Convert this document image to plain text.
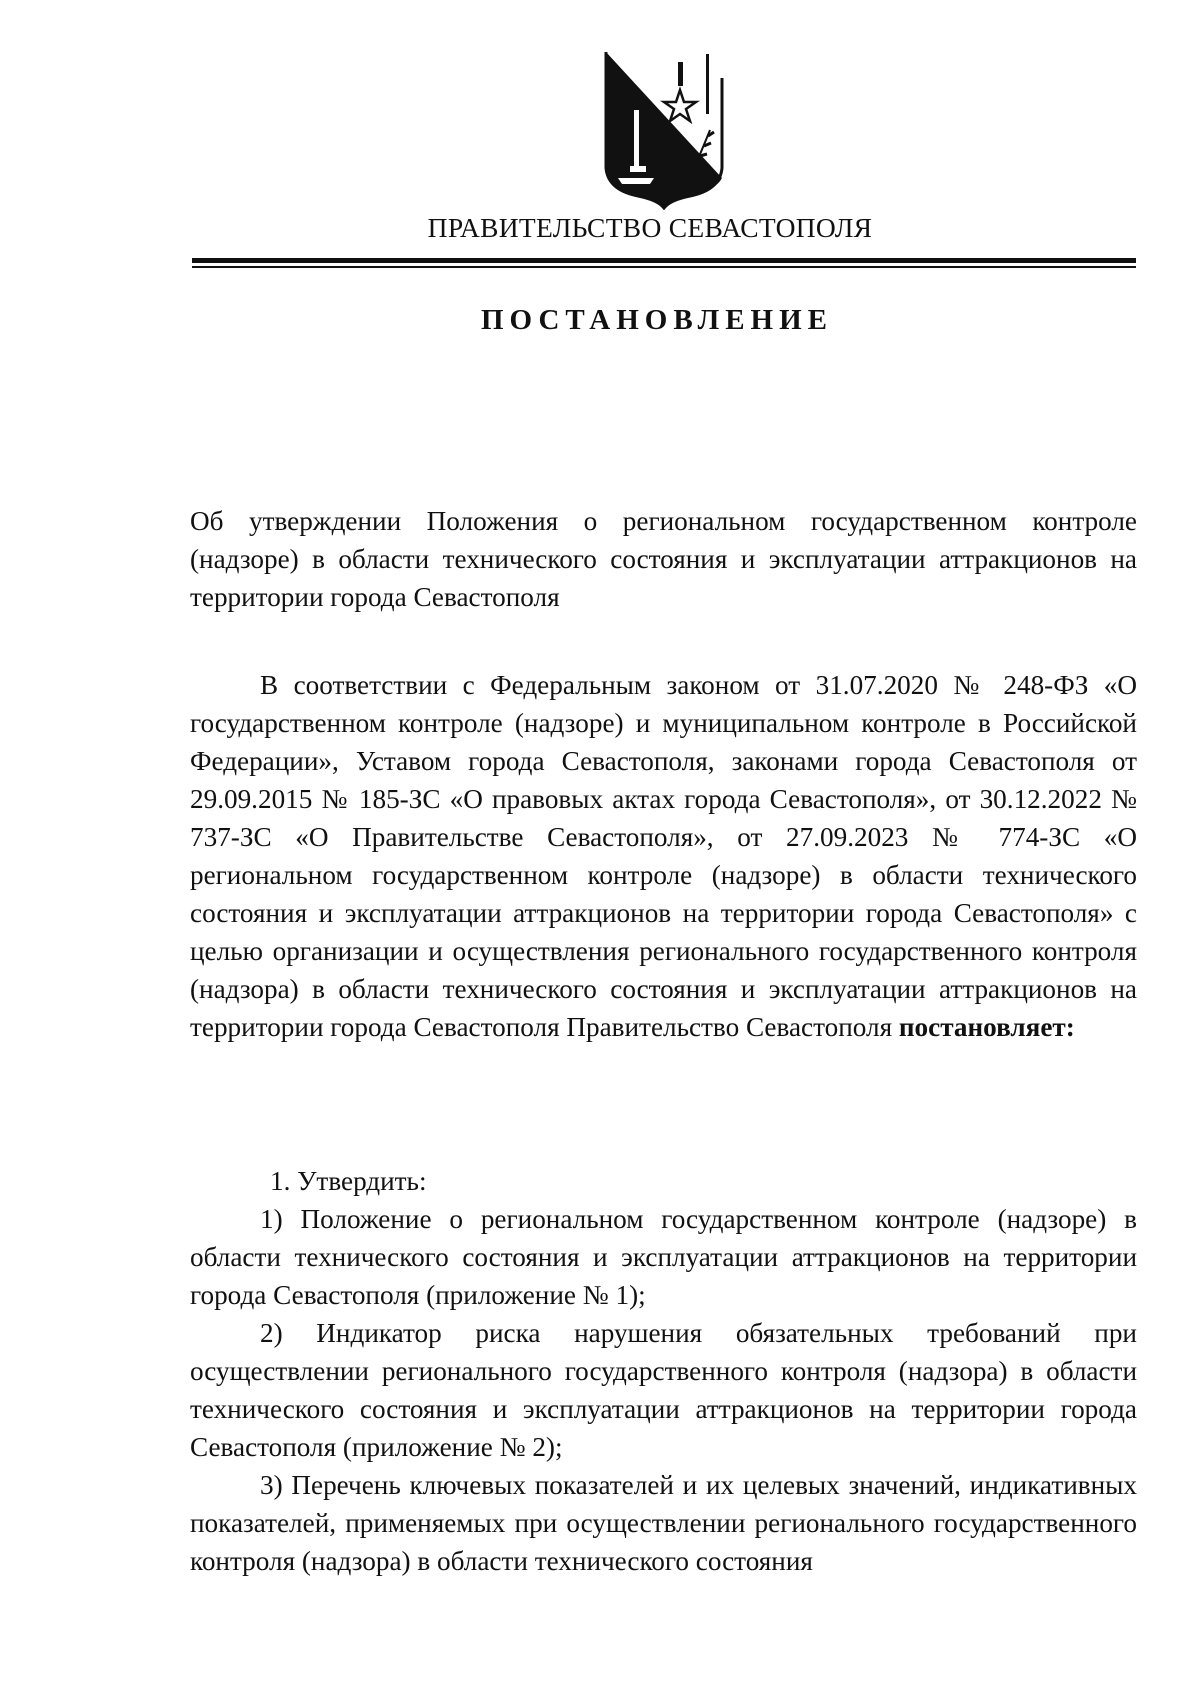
ПРАВИТЕЛЬСТВО СЕВАСТОПОЛЯ
ПОСТАНОВЛЕНИЕ
Об утверждении Положения о региональном государственном контроле (надзоре) в области технического состояния и эксплуатации аттракционов на территории города Севастополя
В соответствии с Федеральным законом от 31.07.2020 № 248-ФЗ «О государственном контроле (надзоре) и муниципальном контроле в Российской Федерации», Уставом города Севастополя, законами города Севастополя от 29.09.2015 № 185-ЗС «О правовых актах города Севастополя», от 30.12.2022 № 737-ЗС «О Правительстве Севастополя», от 27.09.2023 № 774-ЗС «О региональном государственном контроле (надзоре) в области технического состояния и эксплуатации аттракционов на территории города Севастополя» с целью организации и осуществления регионального государственного контроля (надзора) в области технического состояния и эксплуатации аттракционов на территории города Севастополя Правительство Севастополя постановляет:

1. Утвердить:

1) Положение о региональном государственном контроле (надзоре) в области технического состояния и эксплуатации аттракционов на территории города Севастополя (приложение № 1);

2) Индикатор риска нарушения обязательных требований при осуществлении регионального государственного контроля (надзора) в области технического состояния и эксплуатации аттракционов на территории города Севастополя (приложение № 2);

3) Перечень ключевых показателей и их целевых значений, индикативных показателей, применяемых при осуществлении регионального государственного контроля (надзора) в области технического состояния
